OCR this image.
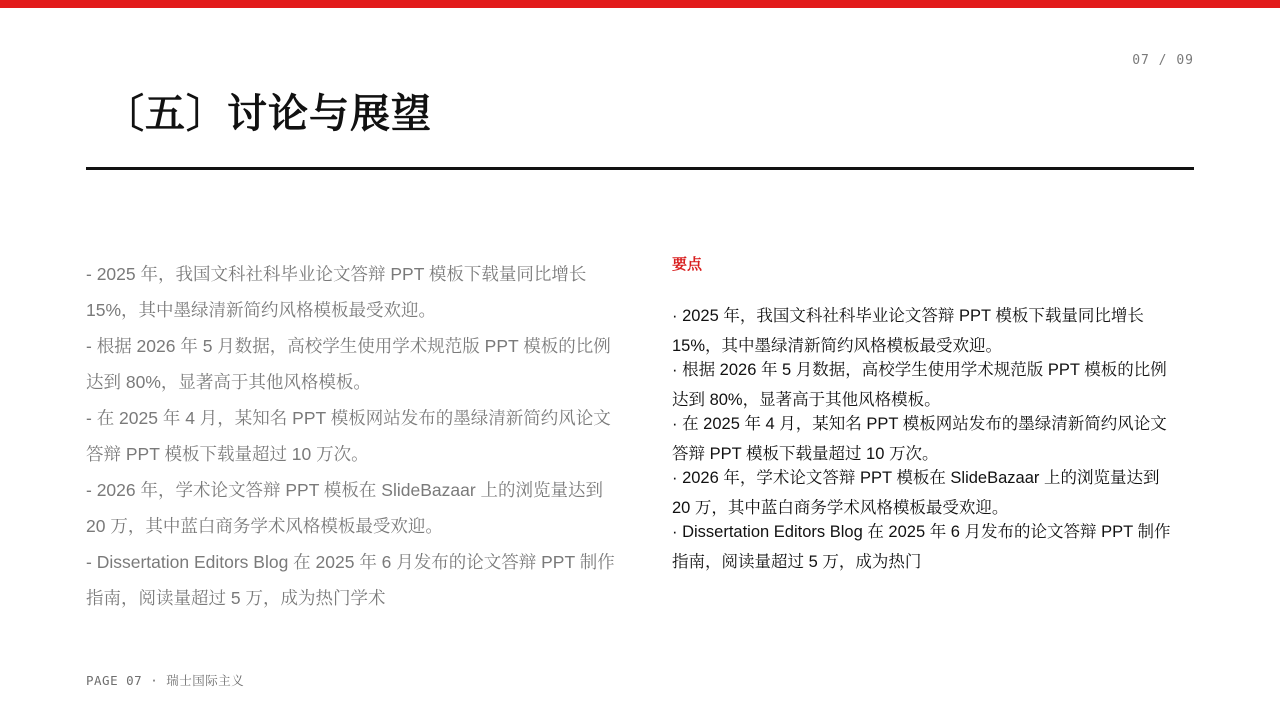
07 / 09
〔五〕讨论与展望

- 2025 年，我国文科社科毕业论文答辩 PPT 模板下载量同比增长 15%，其中墨绿清新简约风格模板最受欢迎。

- 根据 2026 年 5 月数据，高校学生使用学术规范版 PPT 模板的比例达到 80%，显著高于其他风格模板。

- 在 2025 年 4 月，某知名 PPT 模板网站发布的墨绿清新简约风论文答辩 PPT 模板下载量超过 10 万次。

- 2026 年，学术论文答辩 PPT 模板在 SlideBazaar 上的浏览量达到 20 万，其中蓝白商务学术风格模板最受欢迎。

- Dissertation Editors Blog 在 2025 年 6 月发布的论文答辩 PPT 制作指南，阅读量超过 5 万，成为热门学术

要点

· 2025 年，我国文科社科毕业论文答辩 PPT 模板下载量同比增长
15%，其中墨绿清新简约风格模板最受欢迎。

· 根据 2026 年 5 月数据，高校学生使用学术规范版 PPT 模板的比例
达到 80%，显著高于其他风格模板。

· 在 2025 年 4 月，某知名 PPT 模板网站发布的墨绿清新简约风论文
答辩 PPT 模板下载量超过 10 万次。

· 2026 年，学术论文答辩 PPT 模板在 SlideBazaar 上的浏览量达到
20 万，其中蓝白商务学术风格模板最受欢迎。

· Dissertation Editors Blog 在 2025 年 6 月发布的论文答辩 PPT 制作
指南，阅读量超过 5 万，成为热门

PAGE 07 · 瑞士国际主义
